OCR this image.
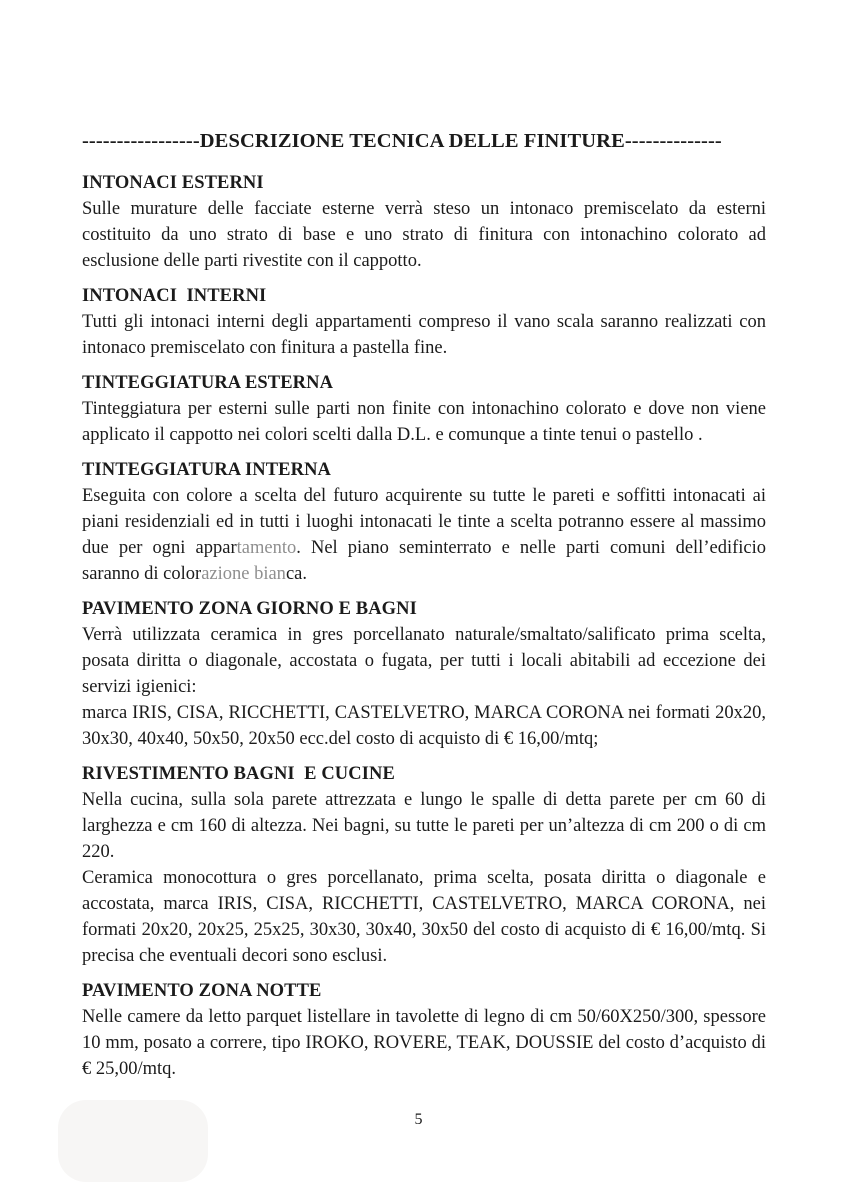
-----------------DESCRIZIONE TECNICA DELLE FINITURE--------------
INTONACI ESTERNI

Sulle murature delle facciate esterne verrà steso un intonaco premiscelato da esterni costituito da uno strato di base e uno strato di finitura con intonachino colorato ad esclusione delle parti rivestite con il cappotto.

INTONACI  INTERNI

Tutti gli intonaci interni degli appartamenti compreso il vano scala saranno realizzati con intonaco premiscelato con finitura a pastella fine.

TINTEGGIATURA ESTERNA

Tinteggiatura per esterni sulle parti non finite con intonachino colorato e dove non viene applicato il cappotto nei colori scelti dalla D.L. e comunque a tinte tenui o pastello .

TINTEGGIATURA INTERNA

Eseguita con colore a scelta del futuro acquirente su tutte le pareti e soffitti intonacati ai piani residenziali ed in tutti i luoghi intonacati le tinte a scelta potranno essere al massimo due per ogni appartamento. Nel piano seminterrato e nelle parti comuni dell’edificio saranno di colorazione bianca.

PAVIMENTO ZONA GIORNO E BAGNI

Verrà utilizzata ceramica in gres porcellanato naturale/smaltato/salificato prima scelta, posata diritta o diagonale, accostata o fugata, per tutti i locali abitabili ad eccezione dei servizi igienici:

marca IRIS, CISA, RICCHETTI, CASTELVETRO, MARCA CORONA nei formati 20x20, 30x30, 40x40, 50x50, 20x50 ecc.del costo di acquisto di € 16,00/mtq;

RIVESTIMENTO BAGNI  E CUCINE

Nella cucina, sulla sola parete attrezzata e lungo le spalle di detta parete per cm 60 di larghezza e cm 160 di altezza. Nei bagni, su tutte le pareti per un’altezza di cm 200 o di cm 220.

Ceramica monocottura o gres porcellanato, prima scelta, posata diritta o diagonale e accostata, marca IRIS, CISA, RICCHETTI, CASTELVETRO, MARCA CORONA, nei formati 20x20, 20x25, 25x25, 30x30, 30x40, 30x50 del costo di acquisto di € 16,00/mtq. Si precisa che eventuali decori sono esclusi.

PAVIMENTO ZONA NOTTE

Nelle camere da letto parquet listellare in tavolette di legno di cm 50/60X250/300, spessore 10 mm, posato a correre, tipo IROKO, ROVERE, TEAK, DOUSSIE del costo d’acquisto di € 25,00/mtq.

5
